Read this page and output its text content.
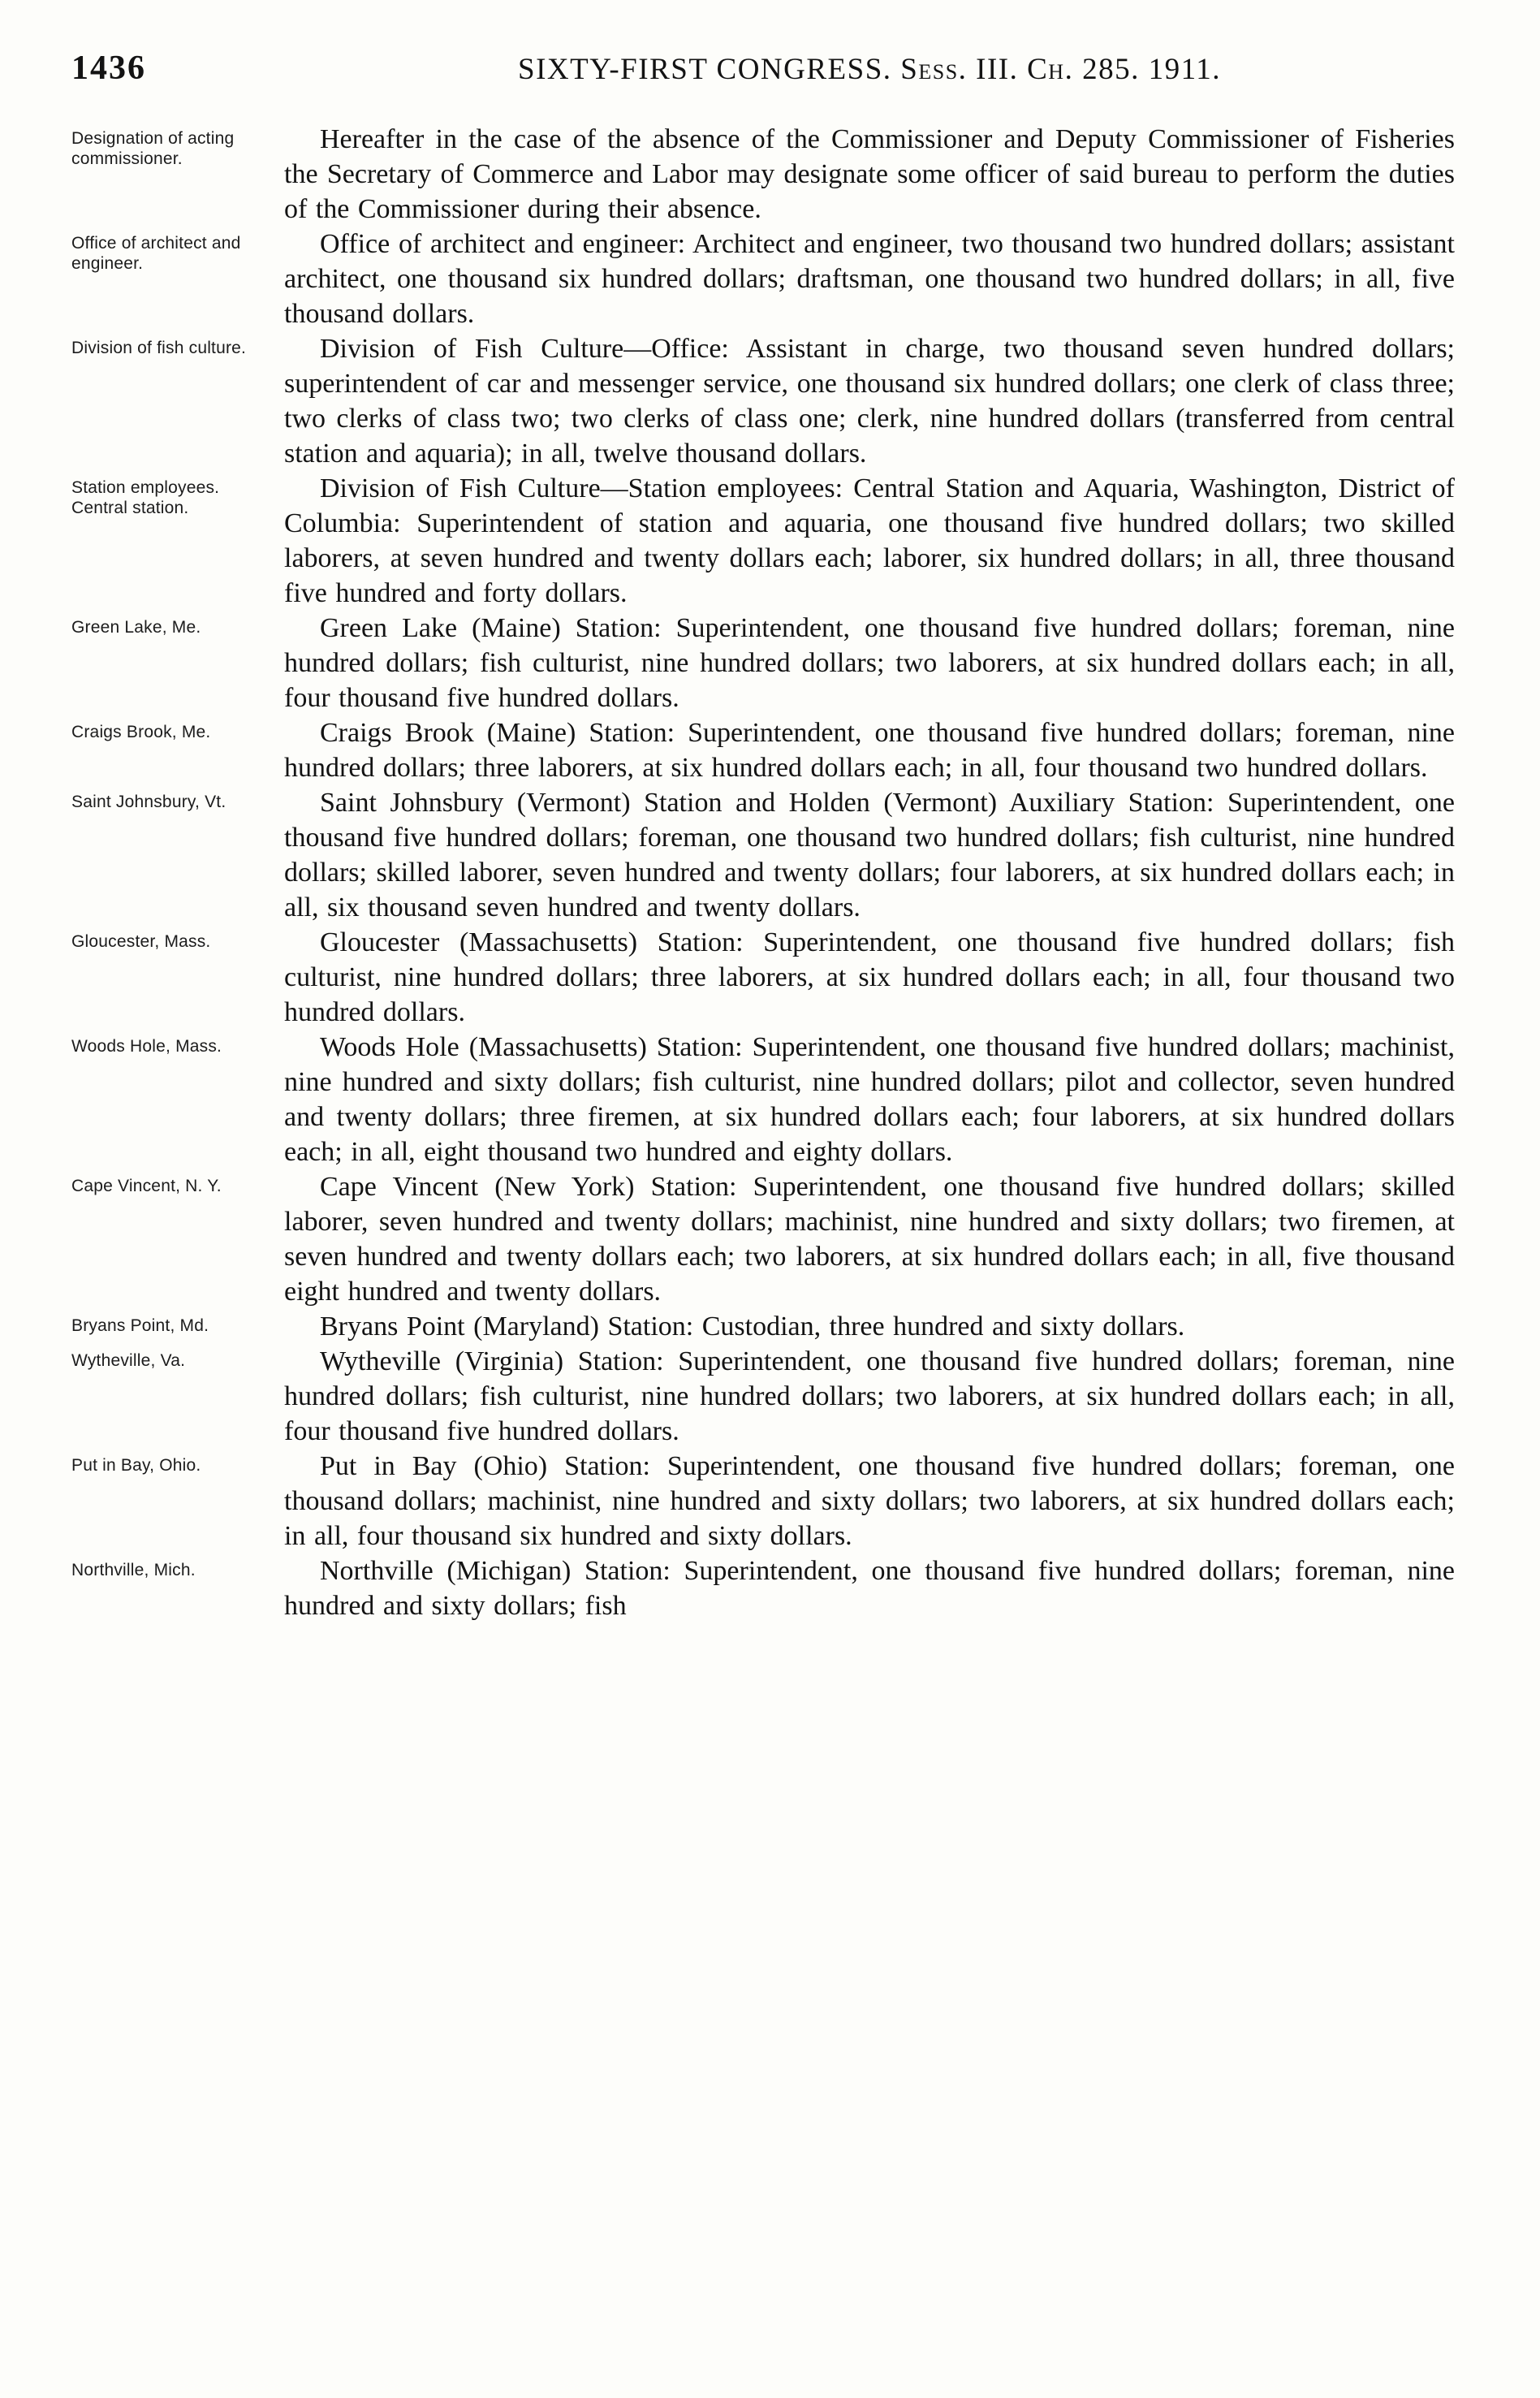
1436	SIXTY-FIRST CONGRESS. Sess. III. Ch. 285. 1911.
Designation of acting commissioner.

Hereafter in the case of the absence of the Commissioner and Deputy Commissioner of Fisheries the Secretary of Commerce and Labor may designate some officer of said bureau to perform the duties of the Commissioner during their absence.

Office of architect and engineer.

Office of architect and engineer: Architect and engineer, two thousand two hundred dollars; assistant architect, one thousand six hundred dollars; draftsman, one thousand two hundred dollars; in all, five thousand dollars.

Division of fish culture.	Division of Fish Culture—Office: Assistant in charge, two thousand seven hundred dollars; superintendent of car and messenger service, one thousand six hundred dollars; one clerk of class three; two clerks of class two; two clerks of class one; clerk, nine hundred dollars (transferred from central station and aquaria); in all, twelve thousand dollars.

Station employees. Central station.

Division of Fish Culture—Station employees: Central Station and Aquaria, Washington, District of Columbia: Superintendent of station and aquaria, one thousand five hundred dollars; two skilled laborers, at seven hundred and twenty dollars each; laborer, six hundred dollars; in all, three thousand five hundred and forty dollars.

Green Lake, Me.	Green Lake (Maine) Station: Superintendent, one thousand five hundred dollars; foreman, nine hundred dollars; fish culturist, nine hundred dollars; two laborers, at six hundred dollars each; in all, four thousand five hundred dollars.

Craigs Brook, Me.	Craigs Brook (Maine) Station: Superintendent, one thousand five hundred dollars; foreman, nine hundred dollars; three laborers, at six hundred dollars each; in all, four thousand two hundred dollars.

Saint Johnsbury, Vt.	Saint Johnsbury (Vermont) Station and Holden (Vermont) Auxiliary Station: Superintendent, one thousand five hundred dollars; foreman, one thousand two hundred dollars; fish culturist, nine hundred dollars; skilled laborer, seven hundred and twenty dollars; four laborers, at six hundred dollars each; in all, six thousand seven hundred and twenty dollars.

Gloucester, Mass.	Gloucester (Massachusetts) Station: Superintendent, one thousand five hundred dollars; fish culturist, nine hundred dollars; three laborers, at six hundred dollars each; in all, four thousand two hundred dollars.

Woods Hole, Mass.	Woods Hole (Massachusetts) Station: Superintendent, one thousand five hundred dollars; machinist, nine hundred and sixty dollars; fish culturist, nine hundred dollars; pilot and collector, seven hundred and twenty dollars; three firemen, at six hundred dollars each; four laborers, at six hundred dollars each; in all, eight thousand two hundred and eighty dollars.

Cape Vincent, N. Y.	Cape Vincent (New York) Station: Superintendent, one thousand five hundred dollars; skilled laborer, seven hundred and twenty dollars; machinist, nine hundred and sixty dollars; two firemen, at seven hundred and twenty dollars each; two laborers, at six hundred dollars each; in all, five thousand eight hundred and twenty dollars.

Bryans Point, Md.	Bryans Point (Maryland) Station: Custodian, three hundred and sixty dollars.

Wytheville, Va.	Wytheville (Virginia) Station: Superintendent, one thousand five hundred dollars; foreman, nine hundred dollars; fish culturist, nine hundred dollars; two laborers, at six hundred dollars each; in all, four thousand five hundred dollars.

Put in Bay, Ohio.	Put in Bay (Ohio) Station: Superintendent, one thousand five hundred dollars; foreman, one thousand dollars; machinist, nine hundred and sixty dollars; two laborers, at six hundred dollars each; in all, four thousand six hundred and sixty dollars.

Northville, Mich.	Northville (Michigan) Station: Superintendent, one thousand five hundred dollars; foreman, nine hundred and sixty dollars; fish
